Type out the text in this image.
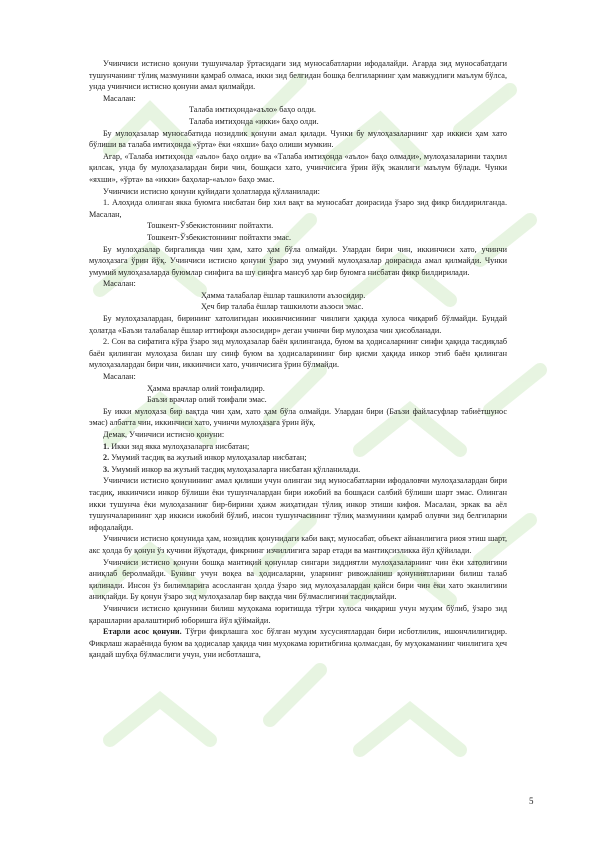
Учинчиси истисно қонуни тушунчалар ўртасидаги зид муносабатларни ифодалайди. Агарда зид муносабатдаги тушунчанинг тўлиқ мазмунини қамраб олмаса, икки зид белгидан бошқа белгиларнинг ҳам мавжудлиги маълум бўлса, унда учинчиси истисно қонуни амал қилмайди.

Масалан:

Талаба имтиҳонда«аъло» баҳо олди.

Талаба имтиҳонда «икки» баҳо олди.

Бу мулоҳазалар муносабатида нозидлик қонуни амал қилади. Чунки бу мулоҳазаларнинг ҳар иккиси ҳам хато бўлиши ва талаба имтиҳонда «ўрта» ёки «яхши» баҳо олиши мумкин.

Агар, «Талаба имтиҳонда «аъло» баҳо олди» ва «Талаба имтиҳонда «аъло» баҳо олмади», мулоҳазаларини таҳлил қилсак, унда бу мулоҳазалардан бири чин, бошқаси хато, учинчисига ўрин йўқ эканлиги маълум бўлади. Чунки «яхши», «ўрта» ва «икки» баҳолар-«аъло» баҳо эмас.

Учинчиси истисно қонуни қуйидаги ҳолатларда қўлланилади:

1. Алоҳида олинган якка буюмга нисбатан бир хил вақт ва муносабат доирасида ўзаро зид фикр билдирилганда. Масалан,

Тошкент-Ўзбекистоннинг пойтахти.

Тошкент-Ўзбекистоннинг пойтахти эмас.

Бу мулоҳазалар биргаликда чин ҳам, хато ҳам бўла олмайди. Улардан бири чин, иккинчиси хато, учинчи мулоҳазага ўрин йўқ. Учинчиси истисно қонуни ўзаро зид умумий мулоҳазалар доирасида амал қилмайди. Чунки умумий мулоҳазаларда буюмлар синфига ва шу синфга мансуб ҳар бир буюмга нисбатан фикр билдирилади.

Масалан:

Ҳамма талабалар ёшлар ташкилоти аъзосидир.

Ҳеч бир талаба ёшлар ташкилоти аъзоси эмас.

Бу мулоҳазалардан, бирининг хатолигидан иккинчисининг чинлиги ҳақида хулоса чиқариб бўлмайди. Бундай ҳолатда «Баъзи талабалар ёшлар иттифоқи аъзосидир» деган учинчи бир мулоҳаза чин ҳисобланади.

2. Сон ва сифатига кўра ўзаро зид мулоҳазалар баён қилинганда, буюм ва ҳодисаларнинг синфи ҳақида тасдиқлаб баён қилинган мулоҳаза билан шу синф буюм ва ҳодисаларининг бир қисми ҳақида инкор этиб баён қилинган мулоҳазалардан бири чин, иккинчиси хато, учинчисига ўрин бўлмайди.

Масалан:

Ҳамма врачлар олий тоифалидир.

Баъзи врачлар олий тоифали эмас.

Бу икки мулоҳаза бир вақтда чин ҳам, хато ҳам бўла олмайди. Улардан бири (Баъзи файласуфлар табиётшунос эмас) албатта чин, иккинчиси хато, учинчи мулоҳазага ўрин йўқ.

Демак, Учинчиси истисно қонуни:

1. Икки зид якка мулоҳазаларга нисбатан;

2. Умумий тасдиқ ва жузъий инкор мулоҳазалар нисбатан;

3. Умумий инкор ва жузъий тасдиқ мулоҳазаларга нисбатан қўлланилади.

Учинчиси истисно қонунининг амал қилиши учун олинган зид муносабатларни ифодаловчи мулоҳазалардан бири тасдиқ, иккинчиси инкор бўлиши ёки тушунчалардан бири ижобий ва бошқаси салбий бўлиши шарт эмас. Олинган икки тушунча ёки мулоҳазанинг бир-бирини ҳажм жиҳатидан тўлиқ инкор этиши кифоя. Масалан, эркак ва аёл тушунчаларининг ҳар иккиси ижобий бўлиб, инсон тушунчасининг тўлиқ мазмунини қамраб олувчи зид белгиларни ифодалайди.

Учинчиси истисно қонунида ҳам, нозидлик қонунидаги каби вақт, муносабат, объект айнанлигига риоя этиш шарт, акс ҳолда бу қонун ўз кучини йўқотади, фикрнинг изчиллигига зарар етади ва мантиқсизликка йўл қўйилади.

Учинчиси истисно қонуни бошқа мантиқий қонунлар сингари зиддиятли мулоҳазаларнинг чин ёки хатолигини аниқлаб беролмайди. Бунинг учун воқеа ва ҳодисаларни, уларнинг ривожланиш қонуниятларини билиш талаб қилинади. Инсон ўз билимларига асосланган ҳолда ўзаро зид мулоҳазалардан қайси бири чин ёки хато эканлигини аниқлайди. Бу қонун ўзаро зид мулоҳазалар бир вақтда чин бўлмаслигини тасдиқлайди.

Учинчиси истисно қонунини билиш муҳокама юритишда тўғри хулоса чиқариш учун муҳим бўлиб, ўзаро зид қарашларни аралаштириб юборишга йўл қўймайди.

Етарли асос қонуни. Тўғри фикрлашга хос бўлган муҳим хусусиятлардан бири исботлилик, ишончлилигидир. Фикрлаш жараёнида буюм ва ҳодисалар ҳақида чин муҳокама юритибгина қолмасдан, бу муҳокаманинг чинлигига ҳеч қандай шубҳа бўлмаслиги учун, уни исботлашга,

5
